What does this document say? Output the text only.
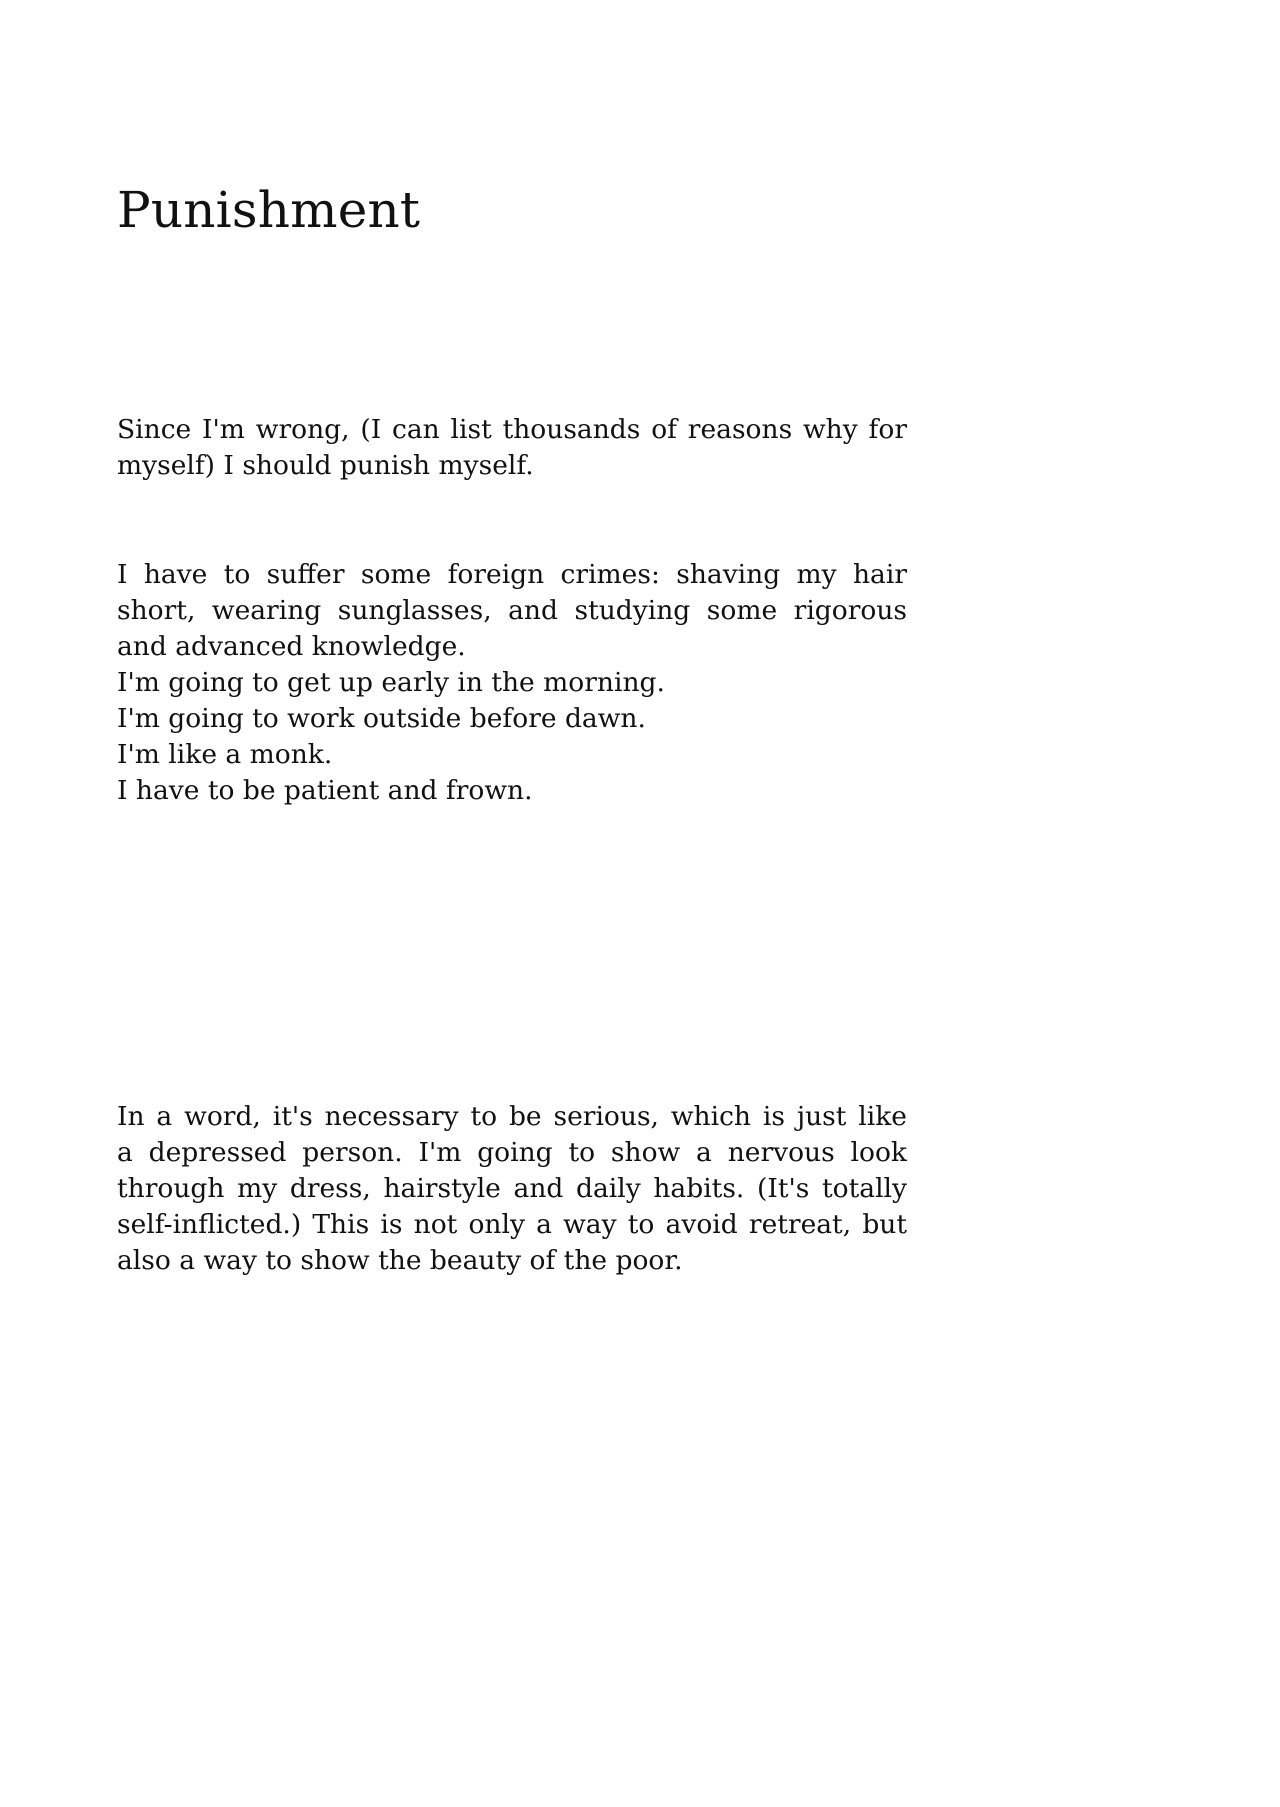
Punishment

Since I'm wrong, (I can list thousands of reasons why for
myself) I should punish myself.

I have to suffer some foreign crimes: shaving my hair
short, wearing sunglasses, and studying some rigorous
and advanced knowledge.
I'm going to get up early in the morning.
I'm going to work outside before dawn.
I'm like a monk.
I have to be patient and frown.

In a word, it's necessary to be serious, which is just like
a depressed person. I'm going to show a nervous look
through my dress, hairstyle and daily habits. (It's totally
self-inflicted.) This is not only a way to avoid retreat, but
also a way to show the beauty of the poor.
